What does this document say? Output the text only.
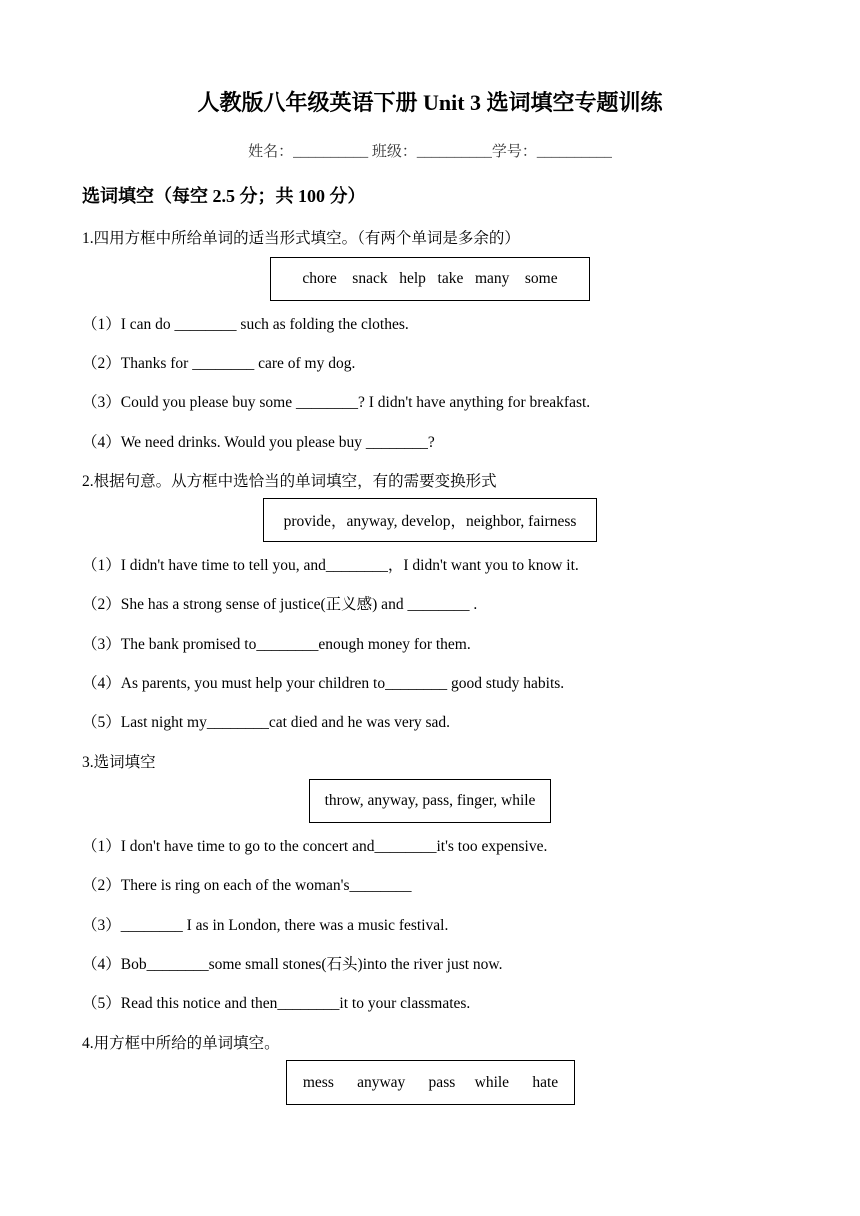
人教版八年级英语下册 Unit 3 选词填空专题训练
姓名：__________ 班级：__________学号：__________
选词填空（每空 2.5 分；共 100 分）
1.四用方框中所给单词的适当形式填空。（有两个单词是多余的）
chore    snack   help   take   many    some
（1）I can do ________ such as folding the clothes.
（2）Thanks for ________ care of my dog.
（3）Could you please buy some ________? I didn't have anything for breakfast.
（4）We need drinks. Would you please buy ________?
2.根据句意。从方框中选恰当的单词填空，有的需要变换形式
provide，anyway, develop，neighbor, fairness
（1）I didn't have time to tell you, and________，I didn't want you to know it.
（2）She has a strong sense of justice(正义感) and ________ .
（3）The bank promised to________enough money for them.
（4）As parents, you must help your children to________ good study habits.
（5）Last night my________cat died and he was very sad.
3.选词填空
throw, anyway, pass, finger, while
（1）I don't have time to go to the concert and________it's too expensive.
（2）There is ring on each of the woman's________
（3）________ I as in London, there was a music festival.
（4）Bob________some small stones(石头)into the river just now.
（5）Read this notice and then________it to your classmates.
4.用方框中所给的单词填空。
mess      anyway      pass     while      hate
